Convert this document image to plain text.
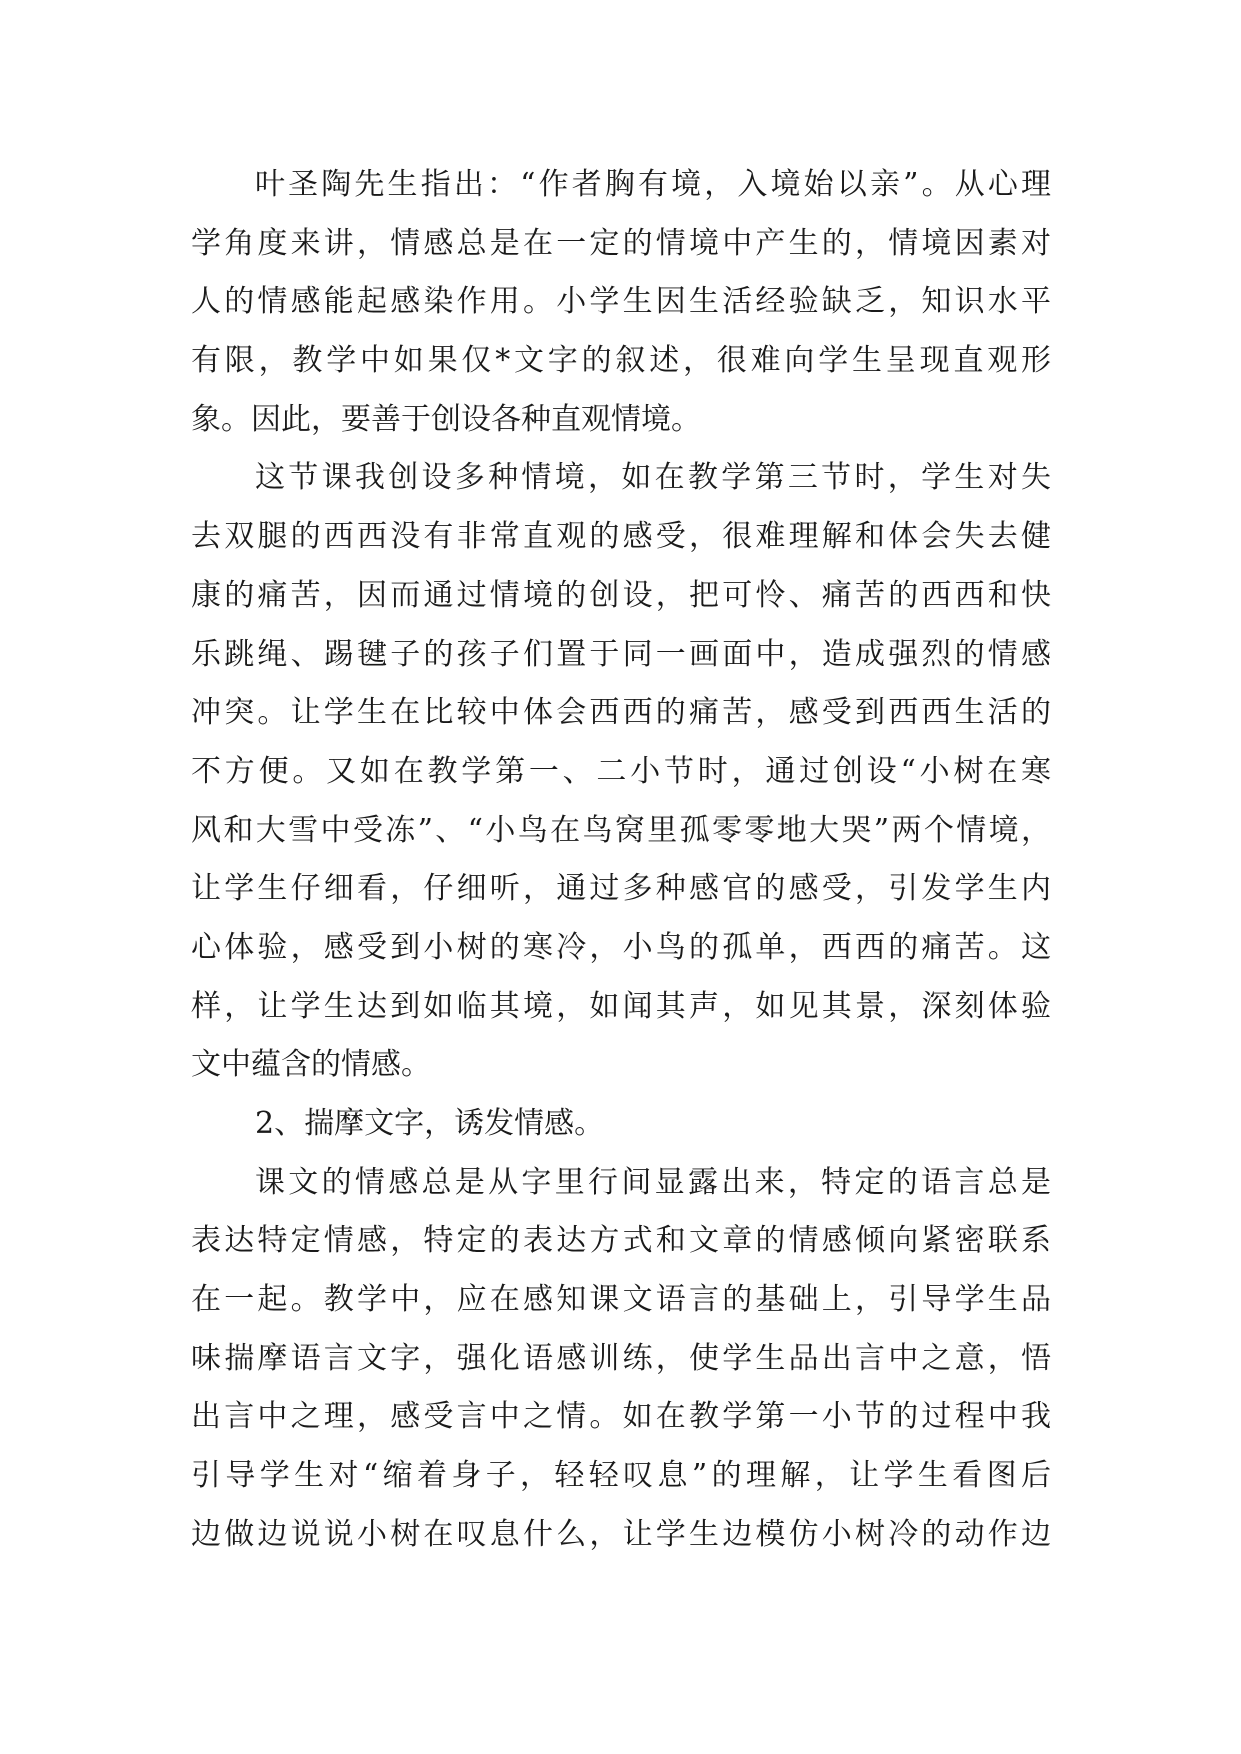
叶圣陶先生指出：“作者胸有境，入境始以亲”。从心理
学角度来讲，情感总是在一定的情境中产生的，情境因素对
人的情感能起感染作用。小学生因生活经验缺乏，知识水平
有限，教学中如果仅*文字的叙述，很难向学生呈现直观形
象。因此，要善于创设各种直观情境。
这节课我创设多种情境，如在教学第三节时，学生对失
去双腿的西西没有非常直观的感受，很难理解和体会失去健
康的痛苦，因而通过情境的创设，把可怜、痛苦的西西和快
乐跳绳、踢毽子的孩子们置于同一画面中，造成强烈的情感
冲突。让学生在比较中体会西西的痛苦，感受到西西生活的
不方便。又如在教学第一、二小节时，通过创设“小树在寒
风和大雪中受冻”、“小鸟在鸟窝里孤零零地大哭”两个情境，
让学生仔细看，仔细听，通过多种感官的感受，引发学生内
心体验，感受到小树的寒冷，小鸟的孤单，西西的痛苦。这
样，让学生达到如临其境，如闻其声，如见其景，深刻体验
文中蕴含的情感。
2、揣摩文字，诱发情感。
课文的情感总是从字里行间显露出来，特定的语言总是
表达特定情感，特定的表达方式和文章的情感倾向紧密联系
在一起。教学中，应在感知课文语言的基础上，引导学生品
味揣摩语言文字，强化语感训练，使学生品出言中之意，悟
出言中之理，感受言中之情。如在教学第一小节的过程中我
引导学生对“缩着身子，轻轻叹息”的理解，让学生看图后
边做边说说小树在叹息什么，让学生边模仿小树冷的动作边
